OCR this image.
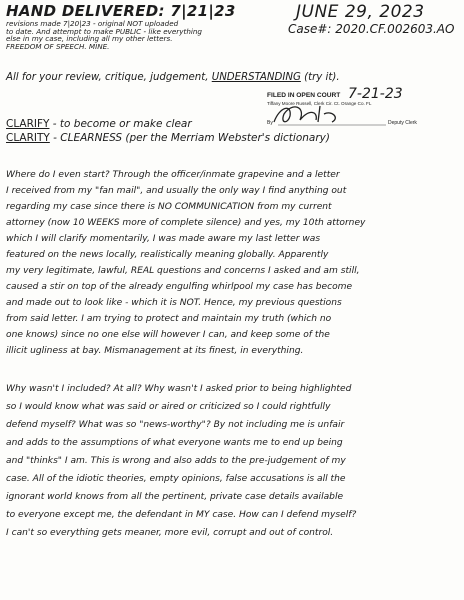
HAND DELIVERED: 7|21|23
revisions made 7|20|23 - original NOT uploaded
to date. And attempt to make PUBLIC - like everything
else in my case, including all my other letters.
FREEDOM OF SPEECH. MINE.
JUNE 29, 2023
Case#: 2020.CF.002603.AO
All for your review, critique, judgement, UNDERSTANDING (try it).
FILED IN OPEN COURT 7-21-23
Tiffany Moore Russell, Clerk Cir. Ct. Orange Co. FL
By	Deputy Clerk
CLARIFY - to become or make clear
CLARITY - CLEARNESS (per the Merriam Webster's dictionary)
Where do I even start? Through the officer/inmate grapevine and a letter
I received from my "fan mail", and usually the only way I find anything out
regarding my case since there is NO COMMUNICATION from my current
attorney (now 10 WEEKS more of complete silence) and yes, my 10th attorney
which I will clarify momentarily, I was made aware my last letter was
featured on the news locally, realistically meaning globally. Apparently
my very legitimate, lawful, REAL questions and concerns I asked and am still,
caused a stir on top of the already engulfing whirlpool my case has become
and made out to look like - which it is NOT. Hence, my previous questions
from said letter. I am trying to protect and maintain my truth (which no
one knows) since no one else will however I can, and keep some of the
illicit ugliness at bay. Mismanagement at its finest, in everything.
Why wasn't I included? At all? Why wasn't I asked prior to being highlighted
so I would know what was said or aired or criticized so I could rightfully
defend myself? What was so "news-worthy"? By not including me is unfair
and adds to the assumptions of what everyone wants me to end up being
and "thinks" I am. This is wrong and also adds to the pre-judgement of my
case. All of the idiotic theories, empty opinions, false accusations is all the
ignorant world knows from all the pertinent, private case details available
to everyone except me, the defendant in MY case. How can I defend myself?
I can't so everything gets meaner, more evil, corrupt and out of control.
